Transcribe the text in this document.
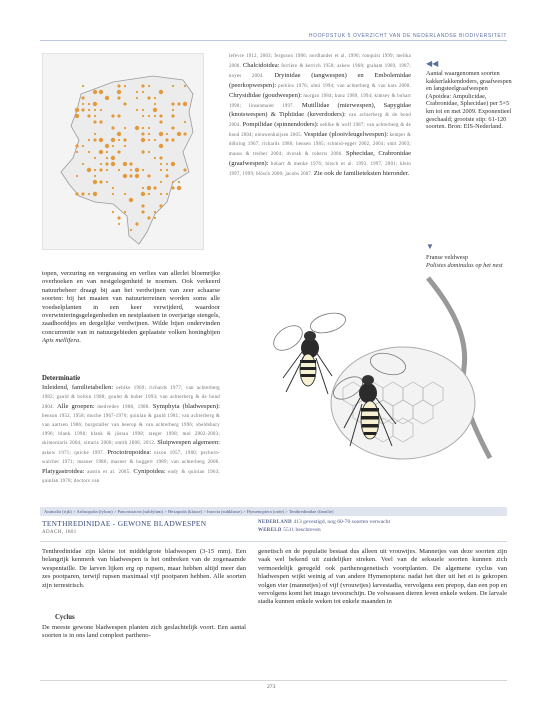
HOOFDSTUK 5 OVERZICHT VAN DE NEDERLANDSE BIODIVERSITEIT
lefevre 1912, 2003; ferguson 1986; nordlander et al. 1996; ronquist 1999; melika 2006. Chalcidoidea: ferrière & kerrich 1958; askew 1968; graham 1969, 1987; noyes 2004. Dryinidae (tangwespen) en Embolemidae (peerkopwespen): perkins 1976; olmi 1994; van achterberg & van kats 2000. Chrysididae (goudwespen): morgan 1984; kunz 1989, 1994; kimsey & bohart 1990; linsenmaier 1997. Mutillidae (mierwespen), Sapygidae (knotswespen) & Tiphiidae (keverdoders): van achterberg & de bond 2004. Pompilidae (spinnendoders): oehlke & wolf 1987; van achterberg & de bond 2004; nieuwenhuijsen 2005. Vespidae (plooivleugelwespen): kemper & döhring 1967; richards 1980; hensen 1985; schmid-egger 2002, 2004; smit 2003; mauss & treiber 2004; dvorak & roberts 2006. Sphecidae, Crabronidae (graafwespen): bohart & menke 1976; bitsch et al. 1993, 1997, 2001; klein 1997, 1999; blösch 2000; jacobs 2007. Zie ook de familieteksten hieronder.
◀◀
Aantal waargenomen soorten kakkerlakkendoders, graafwespen en langsteelgraafwespen (Apoidea: Ampulicidae, Crabronidae, Sphecidae) per 5×5 km tot en met 2009. Exponentieel geschaald; grootste stip: 61-120 soorten. Bron: EIS-Nederland.
▼
Franse veldwesp
Polistes dominulus op het nest
topen, verzuring en vergrassing en verlies van allerlei bloemrijke overhoeken en van nestgelegenheid te noemen. Ook verkeerd natuurbeheer draagt bij aan het verdwijnen van zeer schaarse soorten: bij het maaien van natuurterreinen worden soms alle voedselplanten in een keer verwijderd, waardoor overwinteringsgelegenheden en nestplaatsen in overjarige stengels, zaadhoofdjes en dergelijke verdwijnen. Wilde bijen ondervinden concurrentie van in natuurgebieden geplaatste volken honingbijen Apis mellifera.
Determinatie
Inleidend, familietabellen: oehlke 1969; richards 1977; van achterberg 1982; gauld & bolton 1988; goulet & huber 1993; van achterberg & de bond 2004. Alle groepen: medvedev 1988, 1988. Symphyta (bladwespen): benson 1952, 1958; muche 1967-1970; quinlan & gauld 1981; van achterberg & van aartsen 1986; burgstaller van heerop & van achterberg 1996; sheldsbury 1996; blank 1998; blank & jüstau 1998; taeger 1998; mol 2002-2003; skimoniaris 2004; sittaris 2008; smith 2008, 2012. Sluipwespen algemeen: askew 1971; quicke 1997. Proctotrupoidea: nixon 1957, 1980; pschorn-walcher 1971; masner 1980; masner & huggert 1989; van achterberg 2006. Platygastroidea: austin et al. 2005. Cynipoidea: eady & quinlan 1963; quinlan 1978; doctors van
Animalia (rijk) > Arthropoda (fylum) > Pancrustacea (subfylum) > Hexapoda (klasse) > Insecta (subklasse) > Hymenoptera (orde) > Tenthredinidae (familie)
TENTHREDINIDAE - GEWONE BLADWESPEN
ADACH, 1801
NEDERLAND 413 gevestigd, nog 60-70 soorten verwacht
WERELD 5511 beschreven
Tenthredinidae zijn kleine tot middelgrote bladwespen (3-15 mm). Een belangrijk kenmerk van bladwespen is het ontbreken van de zogenaamde wespentaille. De larven lijken erg op rupsen, maar hebben altijd meer dan zes pootparen, terwijl rupsen maximaal vijf pootparen hebben. Alle soorten zijn terrestrisch.
Cyclus
De meeste gewone bladwespen planten zich geslachtelijk voort. Een aantal soorten is in ons land compleet partheno-
genetisch en de populatie bestaat dus alleen uit vrouwtjes. Mannetjes van deze soorten zijn vaak wel bekend uit zuidelijker streken. Veel van de seksuele soorten kunnen zich vermoedelijk geregeld ook parthenogenetisch voortplanten. De algemene cyclus van bladwespen wijkt weinig af van andere Hymenoptera: nadat het dier uit het ei is gekropen volgen vier (mannetjes) of vijf (vrouwtjes) larvestadia, vervolgens een prepop, dan een pop en vervolgens komt het imago tevoorschijn. De volwassen dieren leven enkele weken. De larvale stadia kunnen enkele weken tot enkele maanden in
273
